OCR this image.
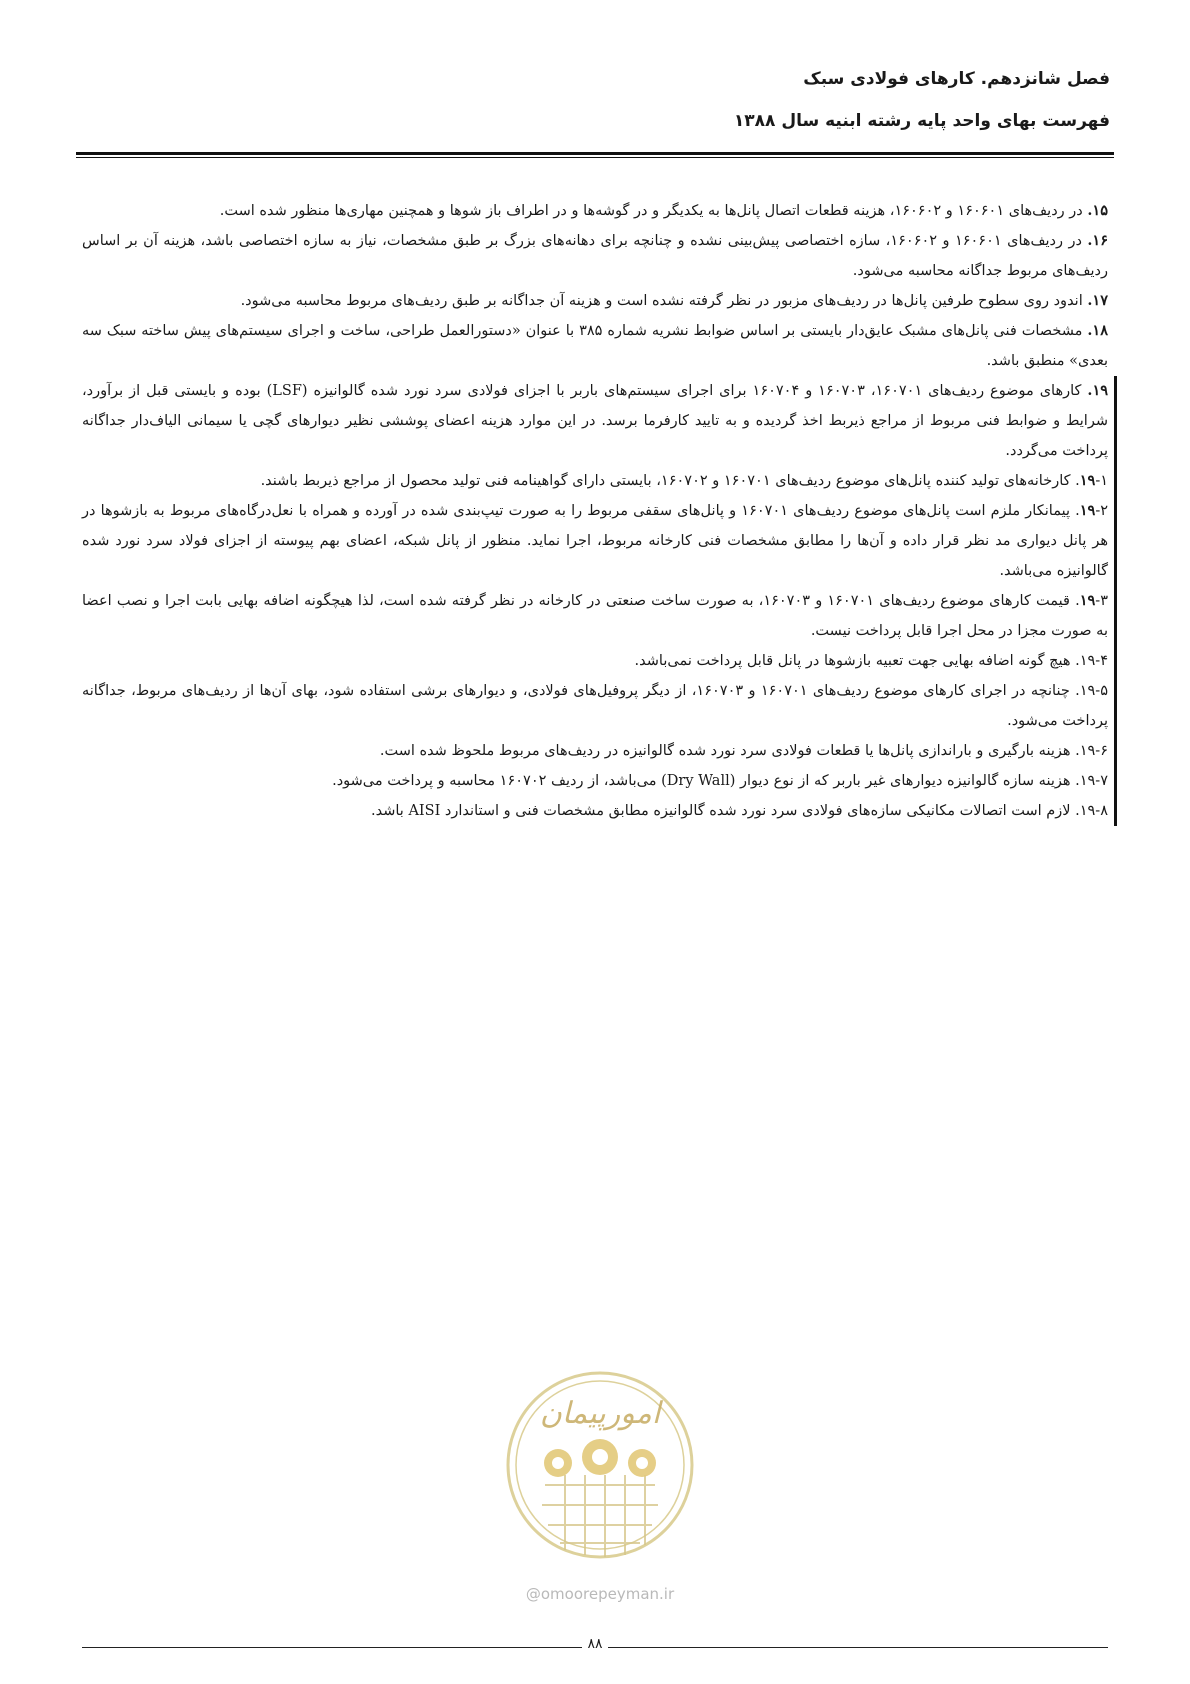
فصل شانزدهم. کارهای فولادی سبک
فهرست بهای واحد پایه رشته ابنیه سال ۱۳۸۸

۱۵. در ردیف‌های ۱۶۰۶۰۱ و ۱۶۰۶۰۲، هزینه قطعات اتصال پانل‌ها به یکدیگر و در گوشه‌ها و در اطراف باز شوها و همچنین مهاری‌ها منظور شده است.

۱۶. در ردیف‌های ۱۶۰۶۰۱ و ۱۶۰۶۰۲، سازه اختصاصی پیش‌بینی نشده و چنانچه برای دهانه‌های بزرگ بر طبق مشخصات، نیاز به سازه اختصاصی باشد، هزینه آن بر اساس ردیف‌های مربوط جداگانه محاسبه می‌شود.

۱۷. اندود روی سطوح طرفین پانل‌ها در ردیف‌های مزبور در نظر گرفته نشده است و هزینه آن جداگانه بر طبق ردیف‌های مربوط محاسبه می‌شود.

۱۸. مشخصات فنی پانل‌های مشبک عایق‌دار بایستی بر اساس ضوابط نشریه شماره ۳۸۵ با عنوان «دستورالعمل طراحی، ساخت و اجرای سیستم‌های پیش ساخته سبک سه بعدی» منطبق باشد.

۱۹. کارهای موضوع ردیف‌های ۱۶۰۷۰۱، ۱۶۰۷۰۳ و ۱۶۰۷۰۴ برای اجرای سیستم‌های باربر با اجزای فولادی سرد نورد شده گالوانیزه (LSF) بوده و بایستی قبل از برآورد، شرایط و ضوابط فنی مربوط از مراجع ذیربط اخذ گردیده و به تایید کارفرما برسد. در این موارد هزینه اعضای پوششی نظیر دیوارهای گچی یا سیمانی الیاف‌دار جداگانه پرداخت می‌گردد.

۱۹-۱. کارخانه‌های تولید کننده پانل‌های موضوع ردیف‌های ۱۶۰۷۰۱ و ۱۶۰۷۰۲، بایستی دارای گواهینامه فنی تولید محصول از مراجع ذیربط باشند.

۱۹-۲. پیمانکار ملزم است پانل‌های موضوع ردیف‌های ۱۶۰۷۰۱ و پانل‌های سقفی مربوط را به صورت تیپ‌بندی شده در آورده و همراه با نعل‌درگاه‌های مربوط به بازشوها در هر پانل دیواری مد نظر قرار داده و آن‌ها را مطابق مشخصات فنی کارخانه مربوط، اجرا نماید. منظور از پانل شبکه، اعضای بهم پیوسته از اجزای فولاد سرد نورد شده گالوانیزه می‌باشد.

۱۹-۳. قیمت کارهای موضوع ردیف‌های ۱۶۰۷۰۱ و ۱۶۰۷۰۳، به صورت ساخت صنعتی در کارخانه در نظر گرفته شده است، لذا هیچگونه اضافه بهایی بابت اجرا و نصب اعضا به صورت مجزا در محل اجرا قابل پرداخت نیست.

۱۹-۴. هیچ گونه اضافه بهایی جهت تعبیه بازشوها در پانل قابل پرداخت نمی‌باشد.

۱۹-۵. چنانچه در اجرای کارهای موضوع ردیف‌های ۱۶۰۷۰۱ و ۱۶۰۷۰۳، از دیگر پروفیل‌های فولادی، و دیوارهای برشی استفاده شود، بهای آن‌ها از ردیف‌های مربوط، جداگانه پرداخت می‌شود.

۱۹-۶. هزینه بارگیری و باراندازی پانل‌ها یا قطعات فولادی سرد نورد شده گالوانیزه در ردیف‌های مربوط ملحوظ شده است.

۱۹-۷. هزینه سازه گالوانیزه دیوارهای غیر باربر که از نوع دیوار (Dry Wall) می‌باشد، از ردیف ۱۶۰۷۰۲ محاسبه و پرداخت می‌شود.

۱۹-۸. لازم است اتصالات مکانیکی سازه‌های فولادی سرد نورد شده گالوانیزه مطابق مشخصات فنی و استاندارد AISI باشد.

امورپیمان
@omoorepeyman.ir
۸۸
